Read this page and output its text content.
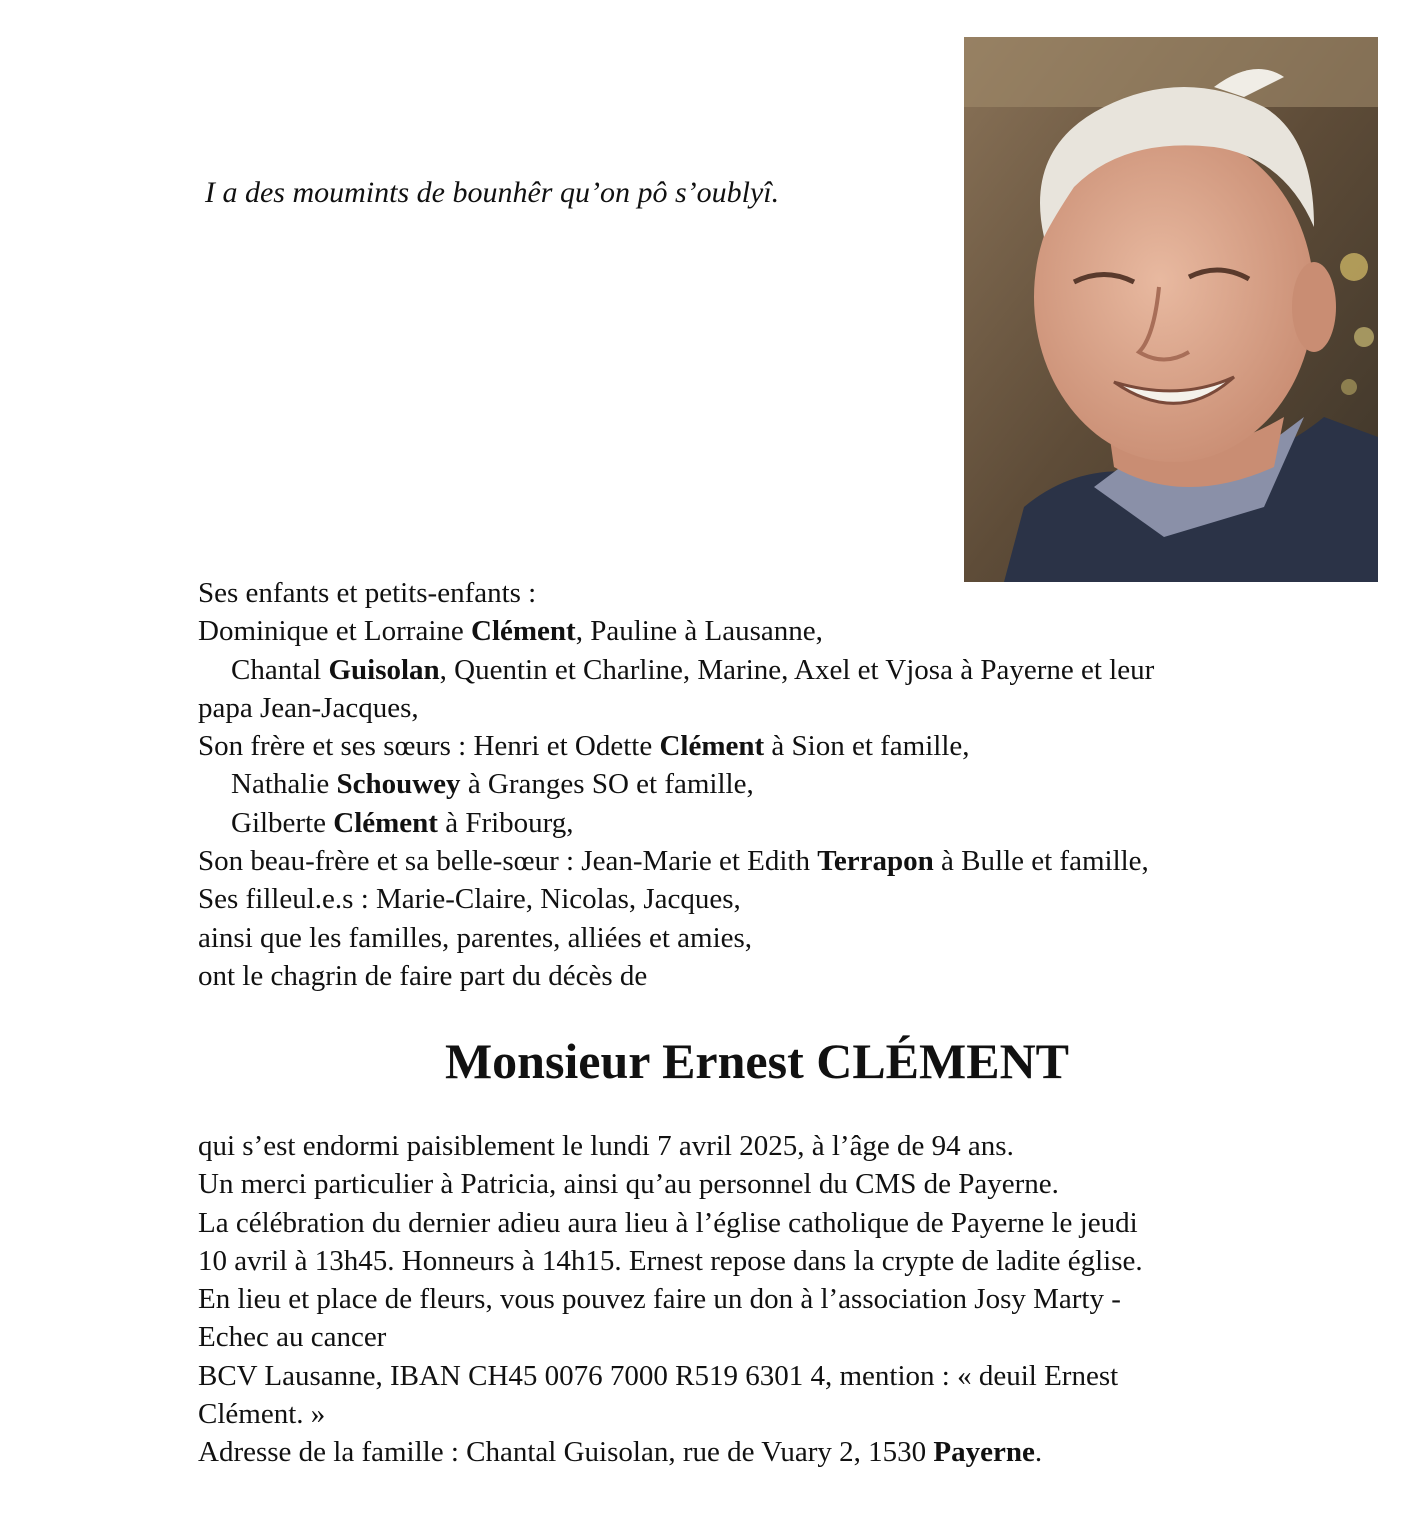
I a des moumints de bounhêr qu’on pô s’oublyî.
Ses enfants et petits-enfants :
Dominique et Lorraine Clément, Pauline à Lausanne,
Chantal Guisolan, Quentin et Charline, Marine, Axel et Vjosa à Payerne et leur
papa Jean-Jacques,
Son frère et ses sœurs : Henri et Odette Clément à Sion et famille,
Nathalie Schouwey à Granges SO et famille,
Gilberte Clément à Fribourg,
Son beau-frère et sa belle-sœur : Jean-Marie et Edith Terrapon à Bulle et famille,
Ses filleul.e.s : Marie-Claire, Nicolas, Jacques,
ainsi que les familles, parentes, alliées et amies,
ont le chagrin de faire part du décès de
Monsieur Ernest CLÉMENT
qui s’est endormi paisiblement le lundi 7 avril 2025, à l’âge de 94 ans.
Un merci particulier à Patricia, ainsi qu’au personnel du CMS de Payerne.
La célébration du dernier adieu aura lieu à l’église catholique de Payerne le jeudi
10 avril à 13h45. Honneurs à 14h15. Ernest repose dans la crypte de ladite église.
En lieu et place de fleurs, vous pouvez faire un don à l’association Josy Marty -
Echec au cancer
BCV Lausanne, IBAN CH45 0076 7000 R519 6301 4, mention : « deuil Ernest
Clément. »
Adresse de la famille : Chantal Guisolan, rue de Vuary 2, 1530 Payerne.
